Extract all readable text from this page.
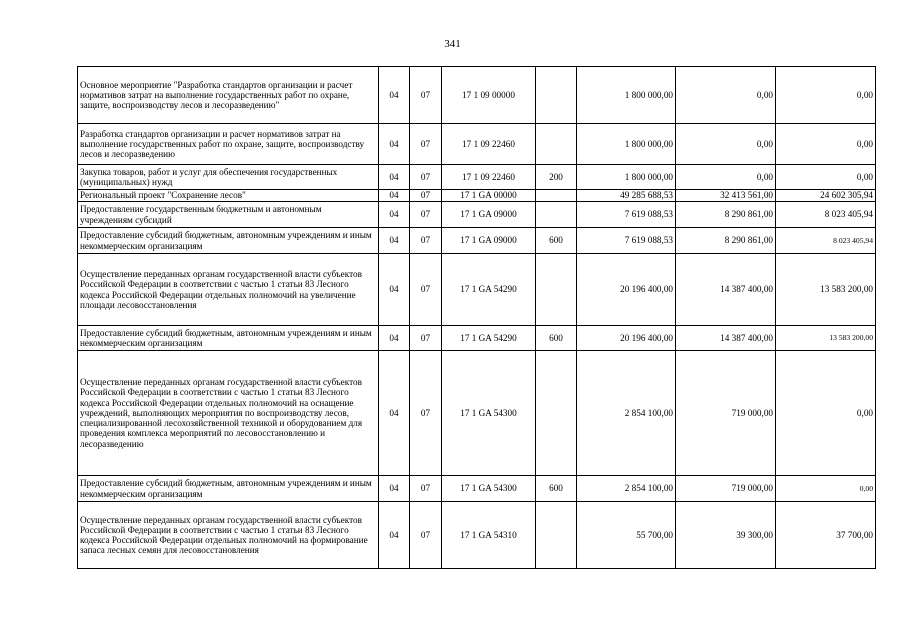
341
Основное мероприятие "Разработка стандартов организации и расчет нормативов затрат на выполнение государственных работ по охране, защите, воспроизводству лесов и лесоразведению"	04	07	17 1 09 00000		1 800 000,00	0,00	0,00
Разработка стандартов организации и расчет нормативов затрат на выполнение государственных работ по охране, защите, воспроизводству лесов и лесоразведению	04	07	17 1 09 22460		1 800 000,00	0,00	0,00
Закупка товаров, работ и услуг для обеспечения государственных (муниципальных) нужд	04	07	17 1 09 22460	200	1 800 000,00	0,00	0,00
Региональный проект "Сохранение лесов"	04	07	17 1 GA 00000		49 285 688,53	32 413 561,00	24 602 305,94
Предоставление государственным бюджетным и автономным учреждениям субсидий	04	07	17 1 GA 09000		7 619 088,53	8 290 861,00	8 023 405,94
Предоставление субсидий бюджетным, автономным учреждениям и иным некоммерческим организациям	04	07	17 1 GA 09000	600	7 619 088,53	8 290 861,00	8 023 405,94
Осуществление переданных органам государственной власти субъектов Российской Федерации в соответствии с частью 1 статьи 83 Лесного кодекса Российской Федерации отдельных полномочий на увеличение площади лесовосстановления	04	07	17 1 GA 54290		20 196 400,00	14 387 400,00	13 583 200,00
Предоставление субсидий бюджетным, автономным учреждениям и иным некоммерческим организациям	04	07	17 1 GA 54290	600	20 196 400,00	14 387 400,00	13 583 200,00
Осуществление переданных органам государственной власти субъектов Российской Федерации в соответствии с частью 1 статьи 83 Лесного кодекса Российской Федерации отдельных полномочий на оснащение учреждений, выполняющих мероприятия по воспроизводству лесов, специализированной лесохозяйственной техникой и оборудованием для проведения комплекса мероприятий по лесовосстановлению и лесоразведению	04	07	17 1 GA 54300		2 854 100,00	719 000,00	0,00
Предоставление субсидий бюджетным, автономным учреждениям и иным некоммерческим организациям	04	07	17 1 GA 54300	600	2 854 100,00	719 000,00	0,00
Осуществление переданных органам государственной власти субъектов Российской Федерации в соответствии с частью 1 статьи 83 Лесного кодекса Российской Федерации отдельных полномочий на формирование запаса лесных семян для лесовосстановления	04	07	17 1 GA 54310		55 700,00	39 300,00	37 700,00
